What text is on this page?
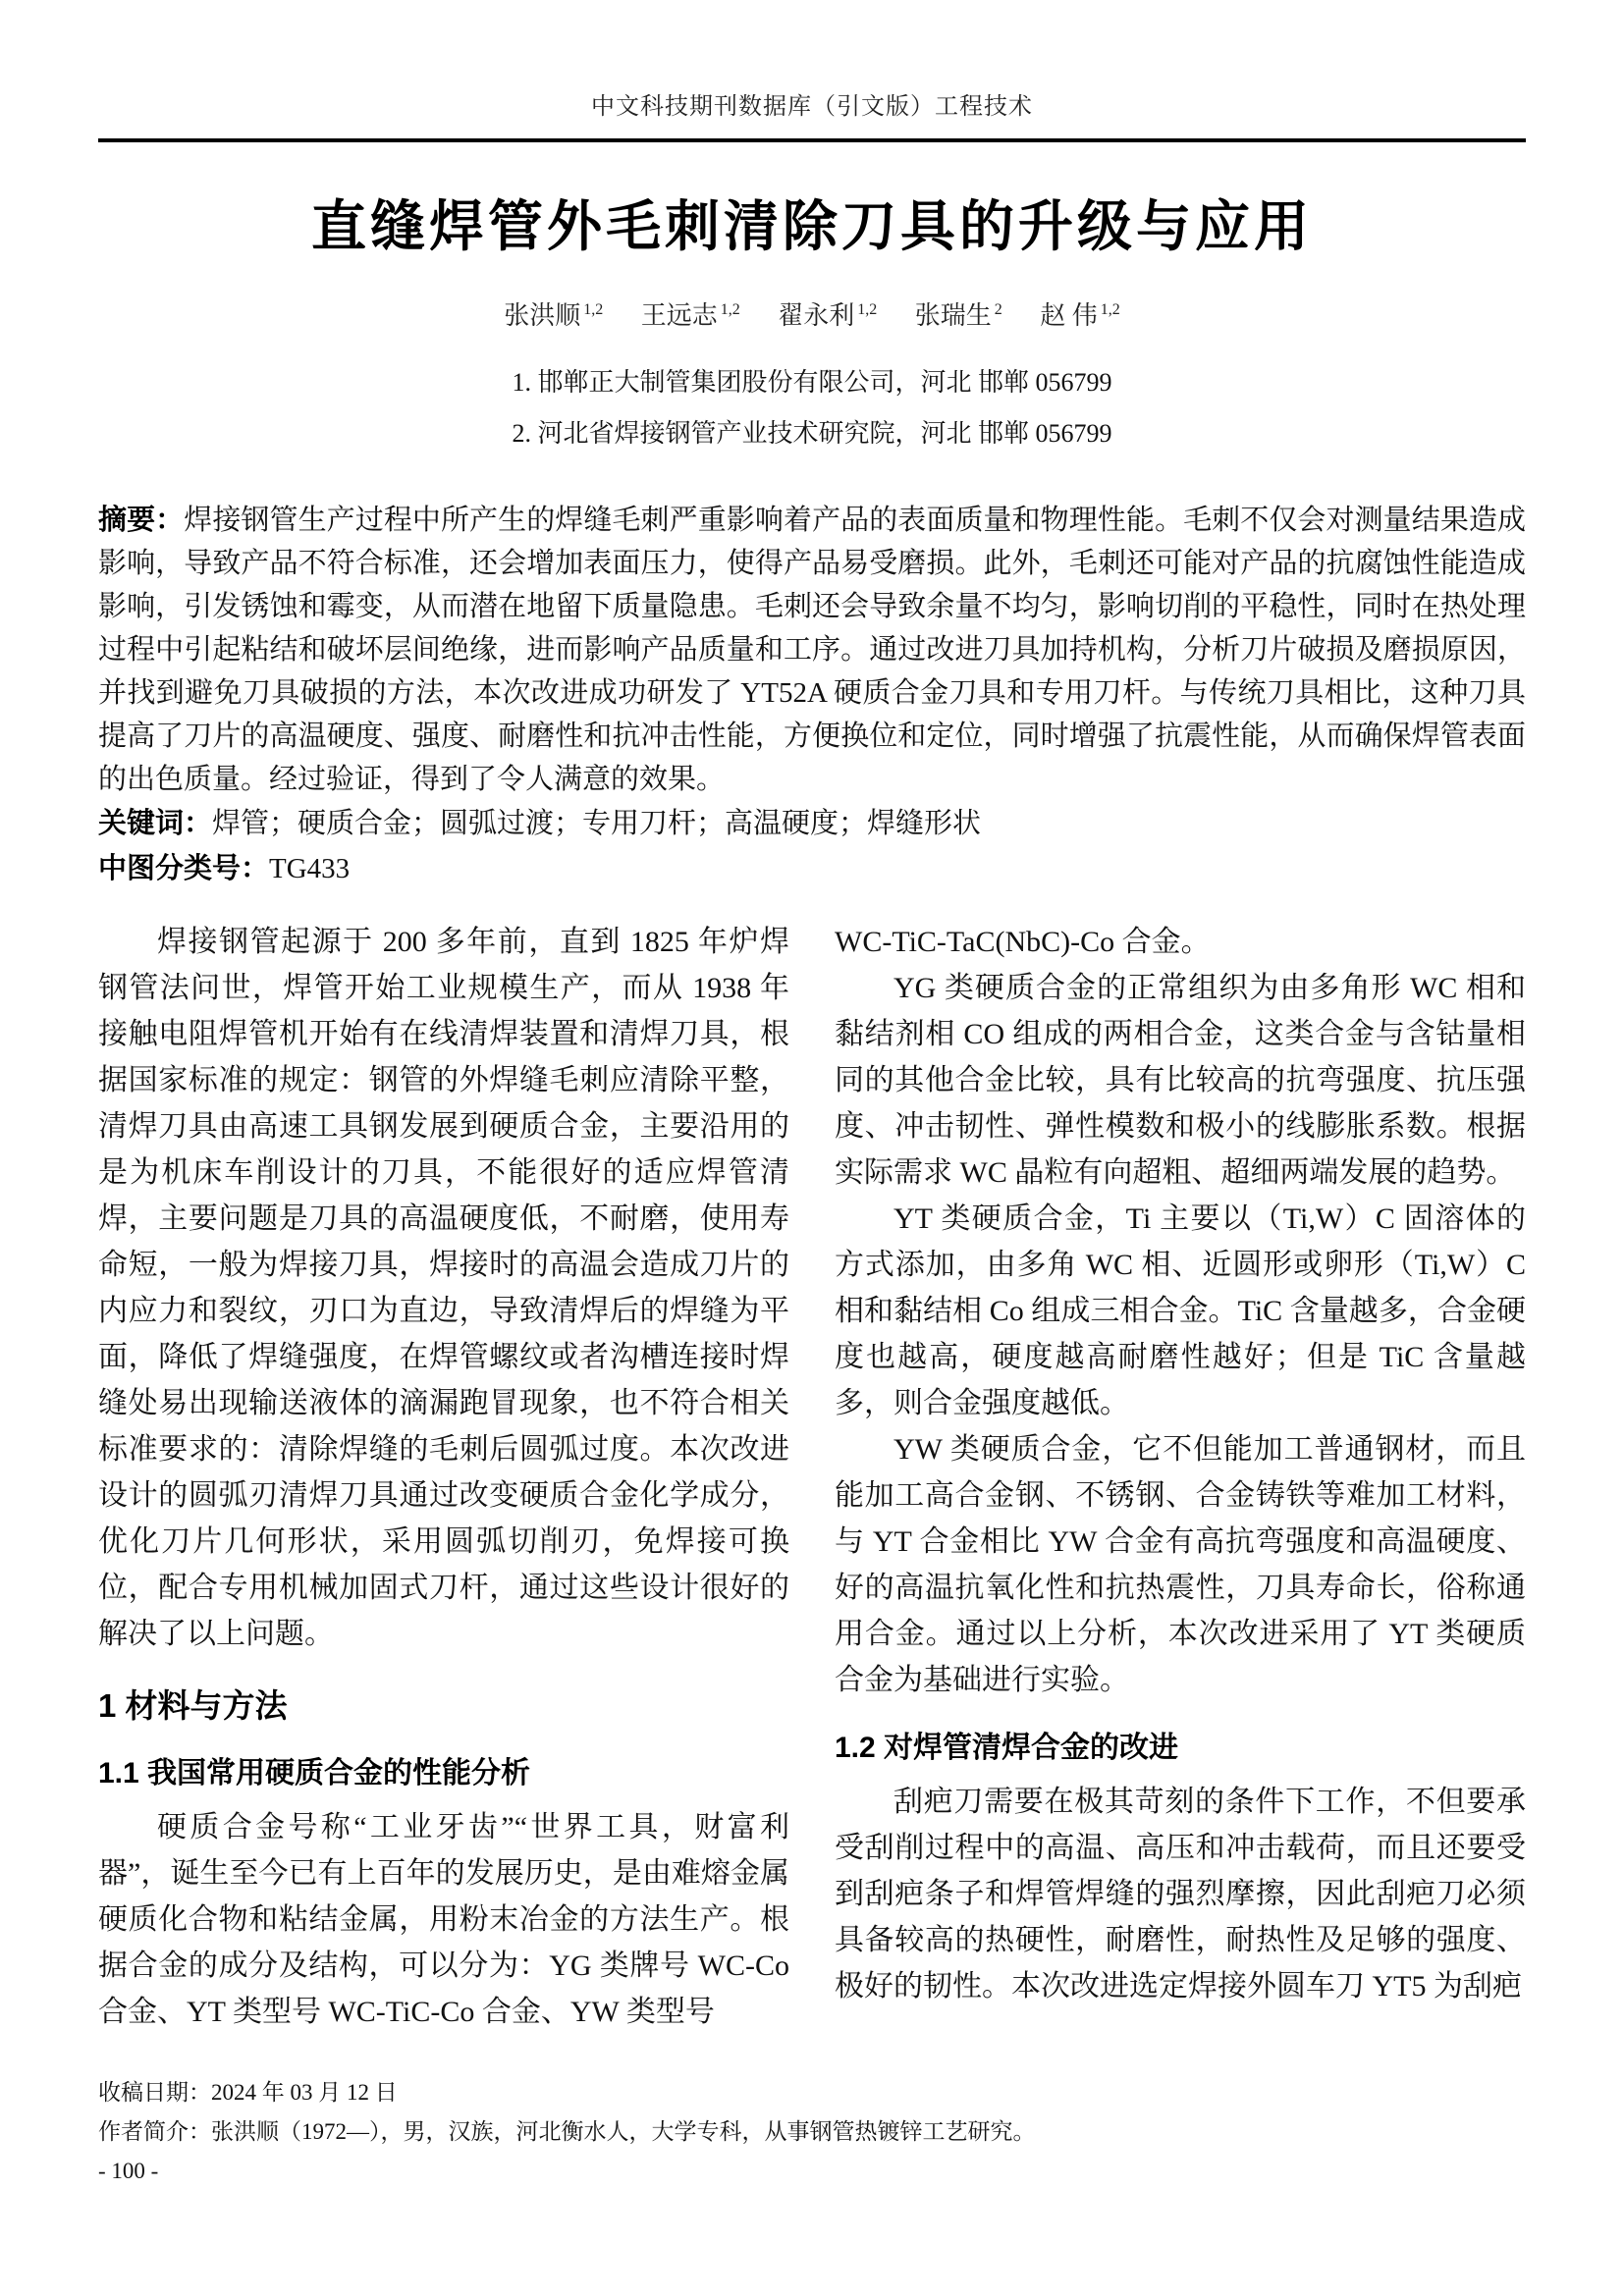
中文科技期刊数据库（引文版）工程技术
直缝焊管外毛刺清除刀具的升级与应用
张洪顺 $^{1,2}$ 王远志 $^{1,2}$ 翟永利 $^{1,2}$ 张瑞生 $^2$ 赵 伟 $^{1,2}$
1. 邯郸正大制管集团股份有限公司，河北 邯郸 056799
2. 河北省焊接钢管产业技术研究院，河北 邯郸 056799
摘要：焊接钢管生产过程中所产生的焊缝毛刺严重影响着产品的表面质量和物理性能。毛刺不仅会对测量结果造成影响，导致产品不符合标准，还会增加表面压力，使得产品易受磨损。此外，毛刺还可能对产品的抗腐蚀性能造成影响，引发锈蚀和霉变，从而潜在地留下质量隐患。毛刺还会导致余量不均匀，影响切削的平稳性，同时在热处理过程中引起粘结和破坏层间绝缘，进而影响产品质量和工序。通过改进刀具加持机构，分析刀片破损及磨损原因，并找到避免刀具破损的方法，本次改进成功研发了 YT52A 硬质合金刀具和专用刀杆。与传统刀具相比，这种刀具提高了刀片的高温硬度、强度、耐磨性和抗冲击性能，方便换位和定位，同时增强了抗震性能，从而确保焊管表面的出色质量。经过验证，得到了令人满意的效果。
关键词：焊管；硬质合金；圆弧过渡；专用刀杆；高温硬度；焊缝形状
中图分类号：TG433

焊接钢管起源于 200 多年前，直到 1825 年炉焊钢管法问世，焊管开始工业规模生产，而从 1938 年接触电阻焊管机开始有在线清焊装置和清焊刀具，根据国家标准的规定：钢管的外焊缝毛刺应清除平整，清焊刀具由高速工具钢发展到硬质合金，主要沿用的是为机床车削设计的刀具，不能很好的适应焊管清焊，主要问题是刀具的高温硬度低，不耐磨，使用寿命短，一般为焊接刀具，焊接时的高温会造成刀片的内应力和裂纹，刃口为直边，导致清焊后的焊缝为平面，降低了焊缝强度，在焊管螺纹或者沟槽连接时焊缝处易出现输送液体的滴漏跑冒现象，也不符合相关标准要求的：清除焊缝的毛刺后圆弧过度。本次改进设计的圆弧刃清焊刀具通过改变硬质合金化学成分，优化刀片几何形状，采用圆弧切削刃，免焊接可换位，配合专用机械加固式刀杆，通过这些设计很好的解决了以上问题。

1 材料与方法
1.1 我国常用硬质合金的性能分析

硬质合金号称“工业牙齿”“世界工具，财富利器”，诞生至今已有上百年的发展历史，是由难熔金属硬质化合物和粘结金属，用粉末冶金的方法生产。根据合金的成分及结构，可以分为：YG 类牌号 WC-Co 合金、YT 类型号 WC-TiC-Co 合金、YW 类型号

WC-TiC-TaC(NbC)-Co 合金。

YG 类硬质合金的正常组织为由多角形 WC 相和黏结剂相 CO 组成的两相合金，这类合金与含钴量相同的其他合金比较，具有比较高的抗弯强度、抗压强度、冲击韧性、弹性模数和极小的线膨胀系数。根据实际需求 WC 晶粒有向超粗、超细两端发展的趋势。

YT 类硬质合金，Ti 主要以（Ti,W）C 固溶体的方式添加，由多角 WC 相、近圆形或卵形（Ti,W）C 相和黏结相 Co 组成三相合金。TiC 含量越多，合金硬度也越高，硬度越高耐磨性越好；但是 TiC 含量越多，则合金强度越低。

YW 类硬质合金，它不但能加工普通钢材，而且能加工高合金钢、不锈钢、合金铸铁等难加工材料，与 YT 合金相比 YW 合金有高抗弯强度和高温硬度、好的高温抗氧化性和抗热震性，刀具寿命长，俗称通用合金。通过以上分析，本次改进采用了 YT 类硬质合金为基础进行实验。

1.2 对焊管清焊合金的改进

刮疤刀需要在极其苛刻的条件下工作，不但要承受刮削过程中的高温、高压和冲击载荷，而且还要受到刮疤条子和焊管焊缝的强烈摩擦，因此刮疤刀必须具备较高的热硬性，耐磨性，耐热性及足够的强度、极好的韧性。本次改进选定焊接外圆车刀 YT5 为刮疤

收稿日期：2024 年 03 月 12 日
作者简介：张洪顺（1972—），男，汉族，河北衡水人，大学专科，从事钢管热镀锌工艺研究。
- 100 -
